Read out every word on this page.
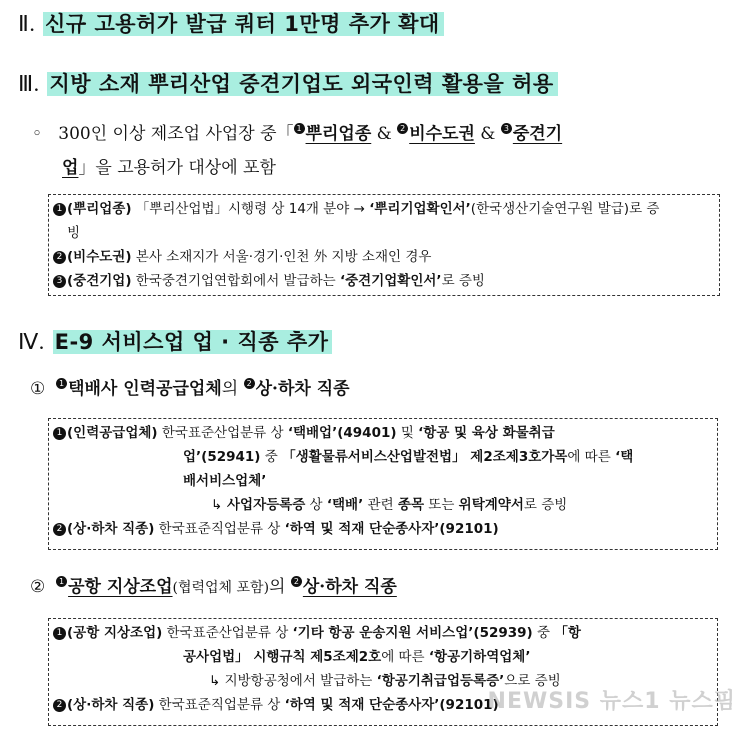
Ⅱ. 신규 고용허가 발급 쿼터 1만명 추가 확대
Ⅲ. 지방 소재 뿌리산업 중견기업도 외국인력 활용을 허용
◦ 300인 이상 제조업 사업장 중「 1 뿌리업종 & 2 비수도권 & 3 중견기
업」을 고용허가 대상에 포함
1 (뿌리업종) 「뿌리산업법」시행령 상 14개 분야 → ‘뿌리기업확인서’(한국생산기술연구원 발급)로 증
빙
2 (비수도권) 본사 소재지가 서울·경기·인천 外 지방 소재인 경우
3 (중견기업) 한국중견기업연합회에서 발급하는 ‘중견기업확인서’로 증빙
Ⅳ. E-9 서비스업 업 · 직종 추가
① 1 택배사 인력공급업체의 2 상·하차 직종
1 (인력공급업체) 한국표준산업분류 상 ‘택배업’(49401) 및 ‘항공 및 육상 화물취급
업’(52941) 중 「생활물류서비스산업발전법」 제2조제3호가목에 따른 ‘택
배서비스업체’
↳ 사업자등록증 상 ‘택배’ 관련 종목 또는 위탁계약서로 증빙
2 (상·하차 직종) 한국표준직업분류 상 ‘하역 및 적재 단순종사자’(92101)
② 1 공항 지상조업(협력업체 포함)의 2 상·하차 직종
1 (공항 지상조업) 한국표준산업분류 상 ‘기타 항공 운송지원 서비스업’(52939) 중 「항
공사업법」 시행규칙 제5조제2호에 따른 ‘항공기하역업체’
↳ 지방항공청에서 발급하는 ‘항공기취급업등록증’으로 증빙
2 (상·하차 직종) 한국표준직업분류 상 ‘하역 및 적재 단순종사자’(92101)
NEWSIS 뉴스1 뉴스핌
